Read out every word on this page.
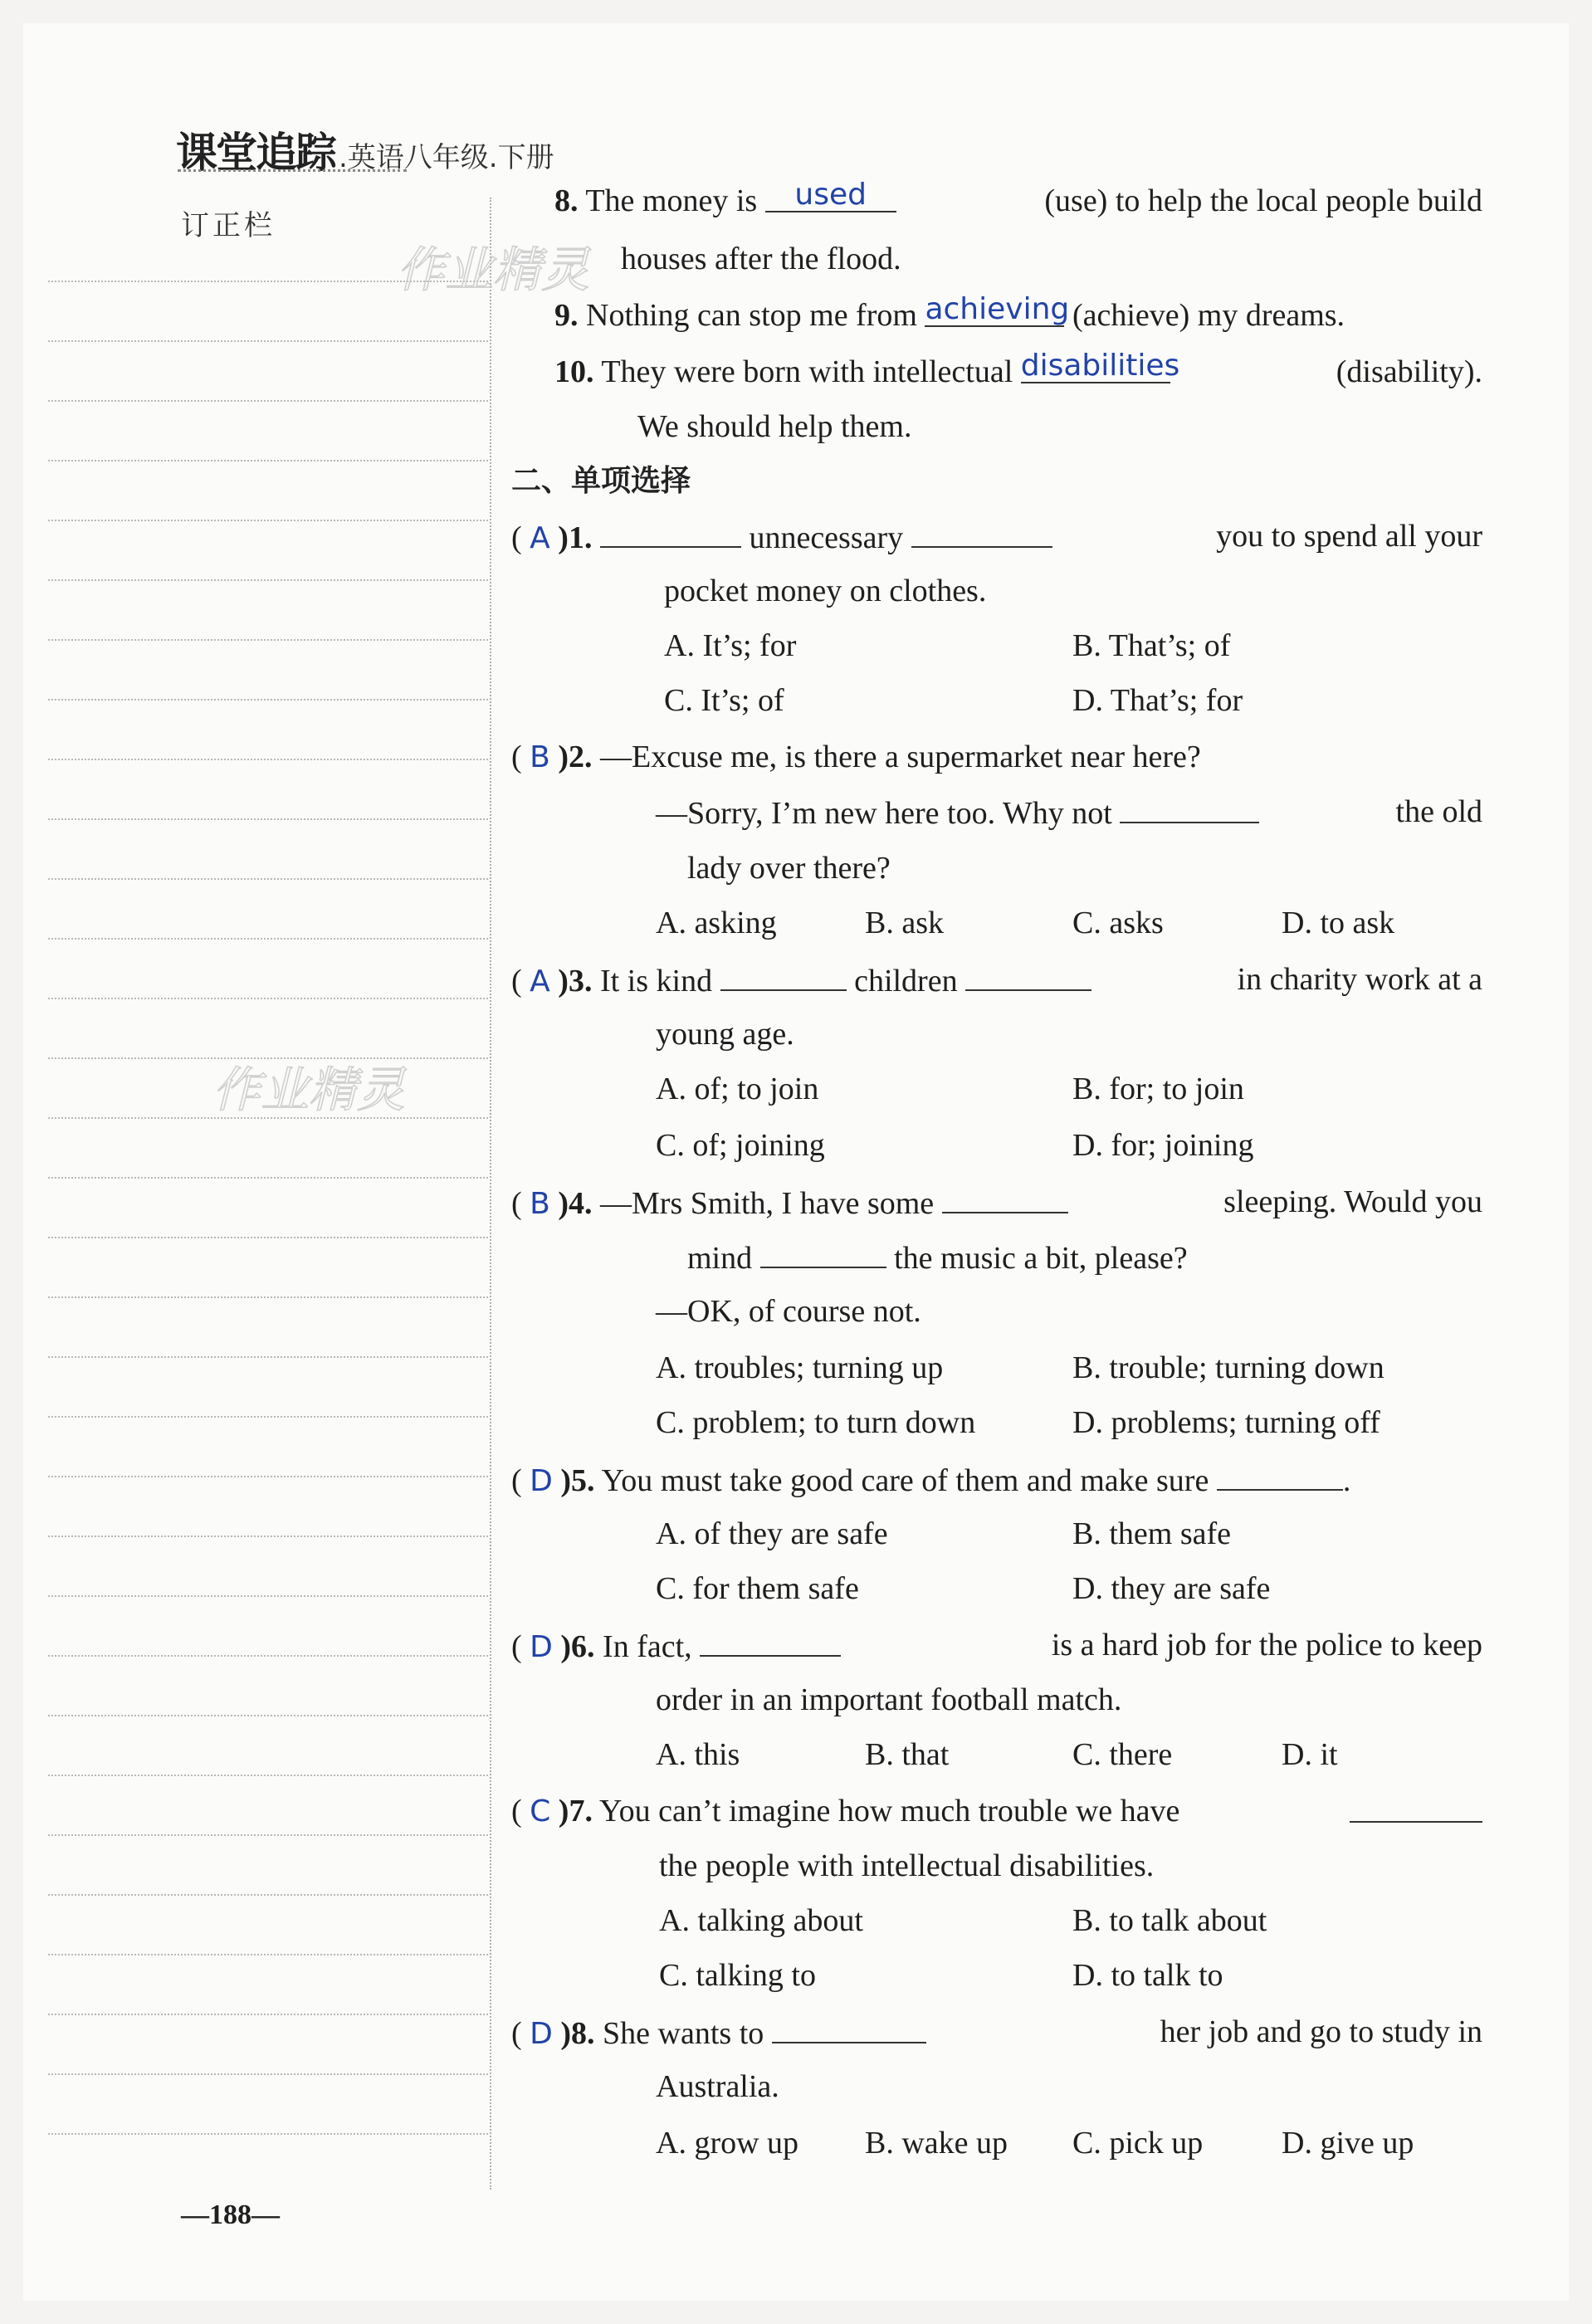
课堂追踪 .英语八年级.下册
订正栏
作业精灵
作业精灵
8. The money is used	(use) to help the local people build
houses after the flood.
9. Nothing can stop me from achieving (achieve) my dreams.
10. They were born with intellectual disabilities	(disability).
We should help them.
二、单项选择
( A )1.	unnecessary	you to spend all your
pocket money on clothes.
A. It’s; for	B. That’s; of
C. It’s; of	D. That’s; for
( B )2. —Excuse me, is there a supermarket near here?
—Sorry, I’m new here too. Why not	the old
lady over there?
A. asking	B. ask	C. asks	D. to ask
( A )3. It is kind	children	in charity work at a
young age.
A. of; to join	B. for; to join
C. of; joining	D. for; joining
( B )4. —Mrs Smith, I have some	sleeping. Would you
mind	the music a bit, please?
—OK, of course not.
A. troubles; turning up	B. trouble; turning down
C. problem; to turn down	D. problems; turning off
( D )5. You must take good care of them and make sure	.
A. of they are safe	B. them safe
C. for them safe	D. they are safe
( D )6. In fact,	is a hard job for the police to keep
order in an important football match.
A. this	B. that	C. there	D. it
( C )7. You can’t imagine how much trouble we have
the people with intellectual disabilities.
A. talking about	B. to talk about
C. talking to	D. to talk to
( D )8. She wants to	her job and go to study in
Australia.
A. grow up B. wake up C. pick up D. give up
—188—
